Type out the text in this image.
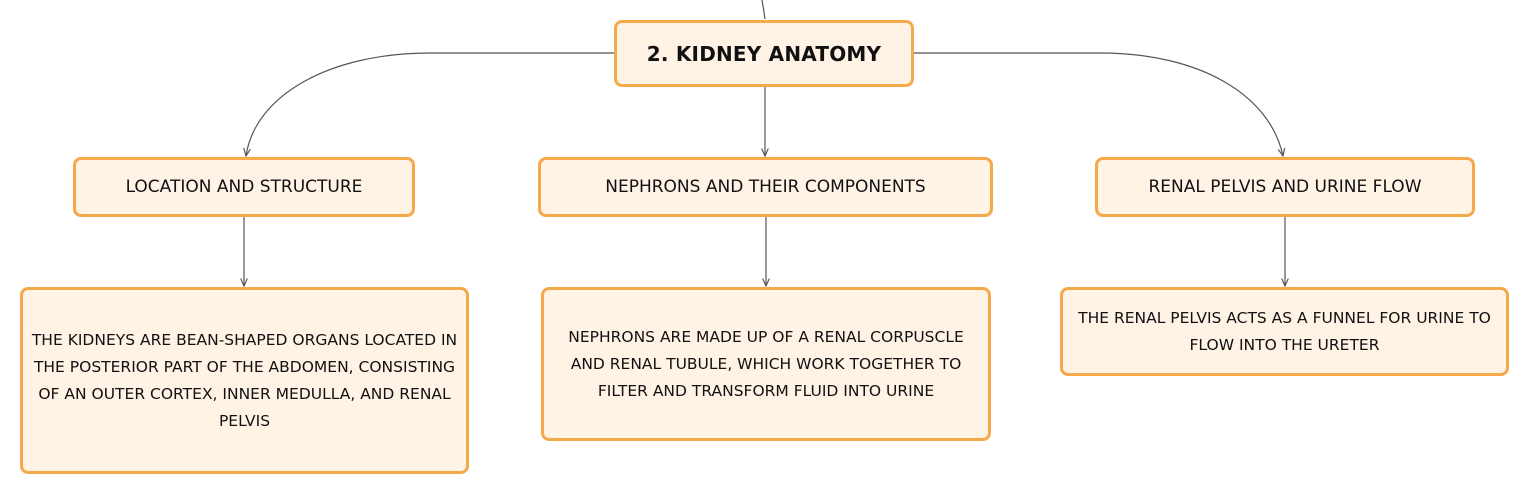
2. KIDNEY ANATOMY
LOCATION AND STRUCTURE	NEPHRONS AND THEIR COMPONENTS	RENAL PELVIS AND URINE FLOW
THE KIDNEYS ARE BEAN-SHAPED ORGANS LOCATED IN THE POSTERIOR PART OF THE ABDOMEN, CONSISTING OF AN OUTER CORTEX, INNER MEDULLA, AND RENAL PELVIS
NEPHRONS ARE MADE UP OF A RENAL CORPUSCLE AND RENAL TUBULE, WHICH WORK TOGETHER TO FILTER AND TRANSFORM FLUID INTO URINE
THE RENAL PELVIS ACTS AS A FUNNEL FOR URINE TO FLOW INTO THE URETER
